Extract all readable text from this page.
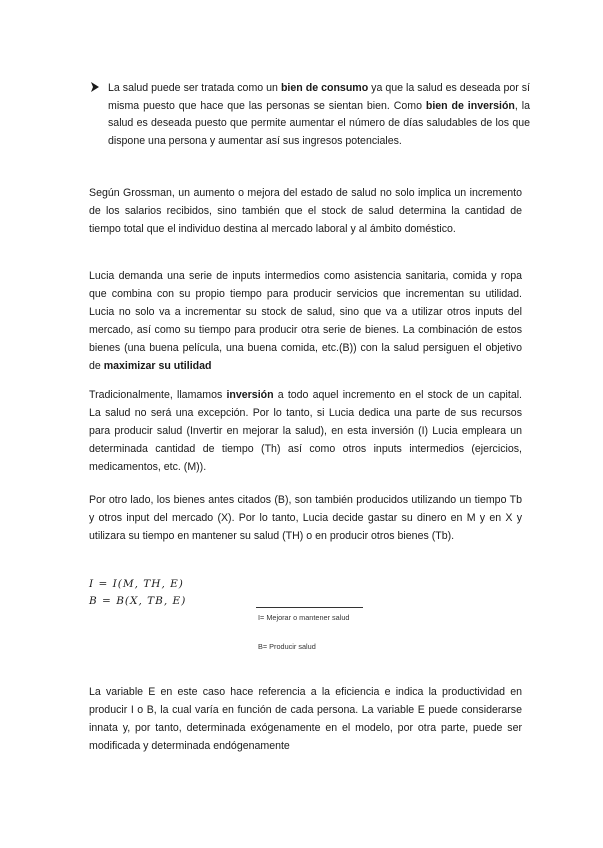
La salud puede ser tratada como un bien de consumo ya que la salud es deseada por sí misma puesto que hace que las personas se sientan bien. Como bien de inversión, la salud es deseada puesto que permite aumentar el número de días saludables de los que dispone una persona y aumentar así sus ingresos potenciales.

Según Grossman, un aumento o mejora del estado de salud no solo implica un incremento de los salarios recibidos, sino también que el stock de salud determina la cantidad de tiempo total que el individuo destina al mercado laboral y al ámbito doméstico.

Lucia demanda una serie de inputs intermedios como asistencia sanitaria, comida y ropa que combina con su propio tiempo para producir servicios que incrementan su utilidad. Lucia no solo va a incrementar su stock de salud, sino que va a utilizar otros inputs del mercado, así como su tiempo para producir otra serie de bienes. La combinación de estos bienes (una buena película, una buena comida, etc.(B)) con la salud persiguen el objetivo de maximizar su utilidad

Tradicionalmente, llamamos inversión a todo aquel incremento en el stock de un capital. La salud no será una excepción. Por lo tanto, si Lucia dedica una parte de sus recursos para producir salud (Invertir en mejorar la salud), en esta inversión (I) Lucia empleara un determinada cantidad de tiempo (Th) así como otros inputs intermedios (ejercicios, medicamentos, etc. (M)).

Por otro lado, los bienes antes citados (B), son también producidos utilizando un tiempo Tb y otros input del mercado (X). Por lo tanto, Lucia decide gastar su dinero en M y en X y utilizara su tiempo en mantener su salud (TH) o en producir otros bienes (Tb).

I = I(M, TH, E)
B = B(X, TB, E)
I= Mejorar o mantener salud
B= Producir salud

La variable E en este caso hace referencia a la eficiencia e indica la productividad en producir I o B, la cual varía en función de cada persona. La variable E puede considerarse innata y, por tanto, determinada exógenamente en el modelo, por otra parte, puede ser modificada y determinada endógenamente
